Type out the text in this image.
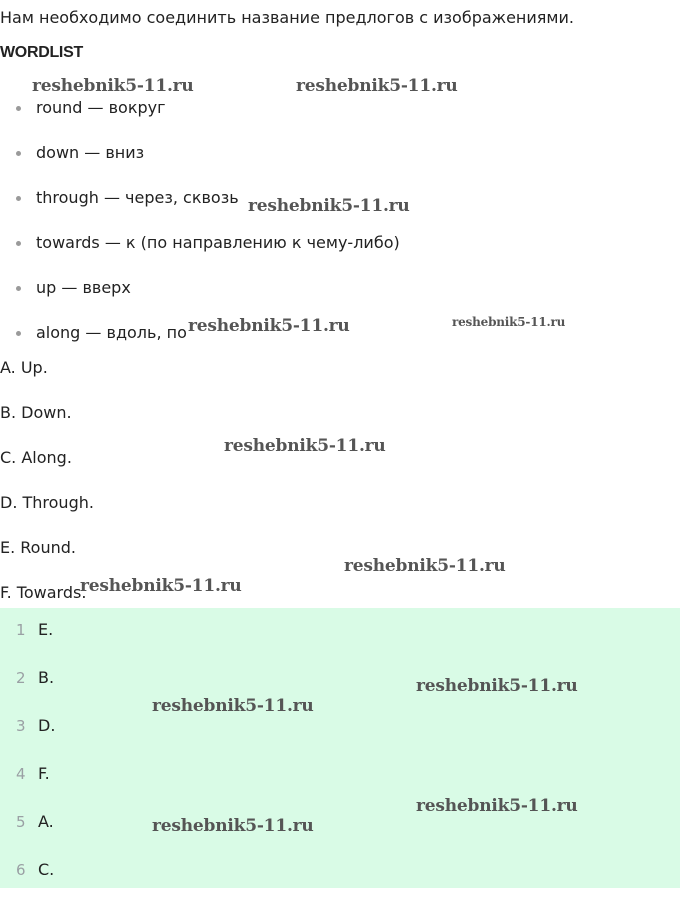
Нам необходимо соединить название предлогов с изображениями.
WORDLIST
round — вокруг
down — вниз
through — через, сквозь
towards — к (по направлению к чему-либо)
up — вверх
along — вдоль, по
A. Up.
B. Down.
C. Along.
D. Through.
E. Round.
F. Towards.
1 E.
2 B.
3 D.
4 F.
5 A.
6 C.
reshebnik5-11.ru	reshebnik5-11.ru
reshebnik5-11.ru
reshebnik5-11.ru	reshebnik5-11.ru
reshebnik5-11.ru
reshebnik5-11.ru
reshebnik5-11.ru
reshebnik5-11.ru
reshebnik5-11.ru
reshebnik5-11.ru
reshebnik5-11.ru
